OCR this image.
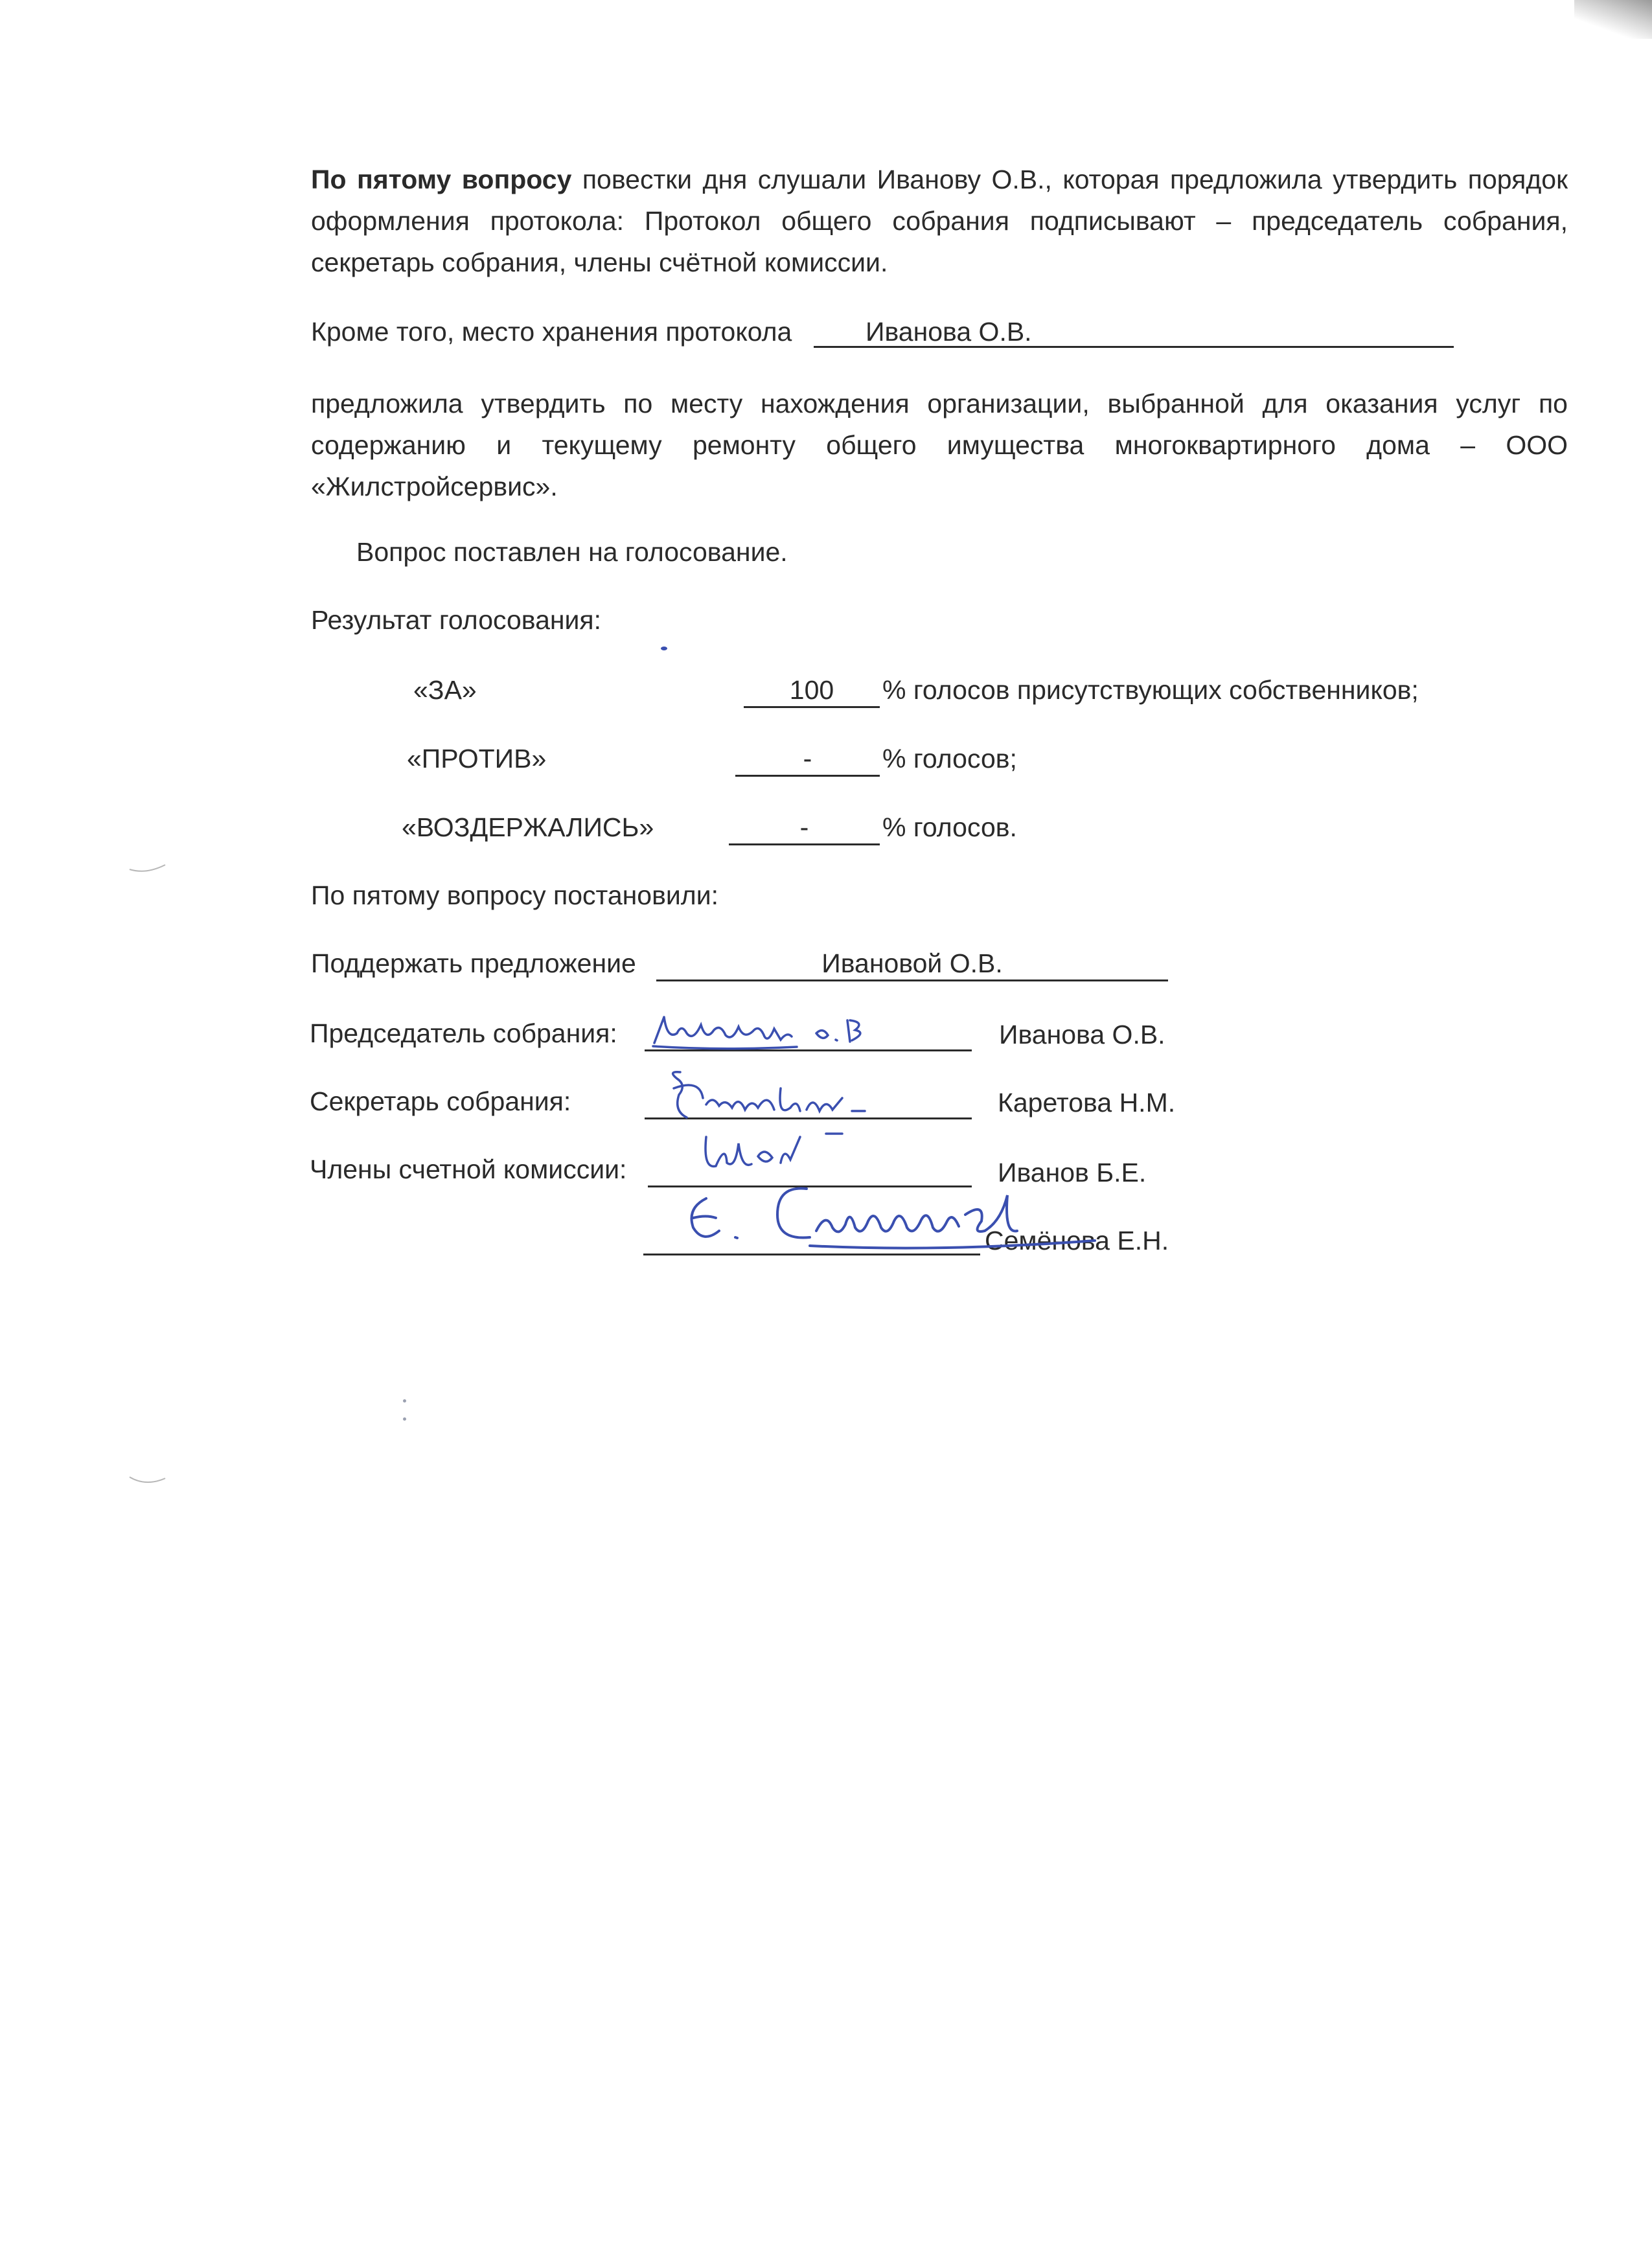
По пятому вопросу повестки дня слушали Иванову О.В., которая предложила утвердить порядок оформления протокола: Протокол общего собрания подписывают – председатель собрания, секретарь собрания, члены счётной комиссии.

Кроме того, место хранения протокола	Иванова О.В.

предложила утвердить по месту нахождения организации, выбранной для оказания услуг по содержанию и текущему ремонту общего имущества многоквартирного дома – ООО «Жилстройсервис».

Вопрос поставлен на голосование.
Результат голосования:
«ЗА»	100	% голосов присутствующих собственников;
«ПРОТИВ»	-	% голосов;
«ВОЗДЕРЖАЛИСЬ»	-	% голосов.
По пятому вопросу постановили:
Поддержать предложение	Ивановой О.В.
Председатель собрания:	Иванова О.В.
Секретарь собрания:	Каретова Н.М.
Члены счетной комиссии:	Иванов Б.Е.
Семёнова Е.Н.
